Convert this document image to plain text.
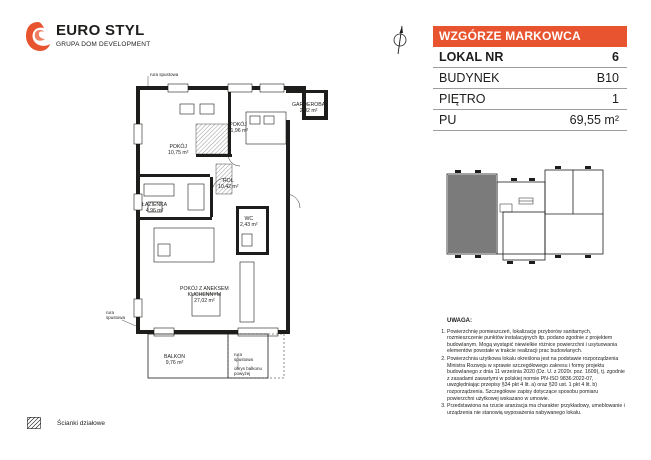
EURO STYL
GRUPA DOM DEVELOPMENT
WZGÓRZE MARKOWCA
LOKAL NR	6
BUDYNEK	B10
PIĘTRO	1
PU	69,55 m²
UWAGA:
1. Powierzchnię pomieszczeń, lokalizację przyborów sanitarnych, rozmieszczenie punktów instalacyjnych itp. podano zgodnie z projektem budowlanym. Mogą wystąpić niewielkie różnice powierzchni i usytuowania elementów powstałe w trakcie realizacji prac budowlanych.
2. Powierzchnia użytkowa lokalu określona jest na podstawie rozporządzenia Ministra Rozwoju w sprawie szczegółowego zakresu i formy projektu budowlanego z dnia 11 września 2020 (Dz. U. z 2020r. poz. 1609), tj. zgodnie z zasadami zawartymi w polskiej normie PN-ISO 9836:2022-07, uwzględniając przepisy §34 pkt 4 lit. a) oraz §20 ust. 1 pkt 4 lit. b) rozporządzenia. Szczegółowe zapisy dotyczące sposobu pomiaru powierzchni użytkowej wskazano w umowie.
3. Przedstawiona na rzucie aranżacja ma charakter przykładowy, umeblowanie i urządzenia nie stanowią wyposażenia nabywanego lokalu.
rura spustowa
rura
spustowa
rura
spustowa
obrys balkonu
powyżej
POKÓJ
11,96 m²
POKÓJ
10,75 m²
GARDEROBA
2,02 m²
HOL
10,42 m²
ŁAZIENKA
4,96 m²
WC
2,43 m²
POKÓJ Z ANEKSEM
KUCHENNYM
27,02 m²
BALKON
9,76 m²
Ścianki działowe
